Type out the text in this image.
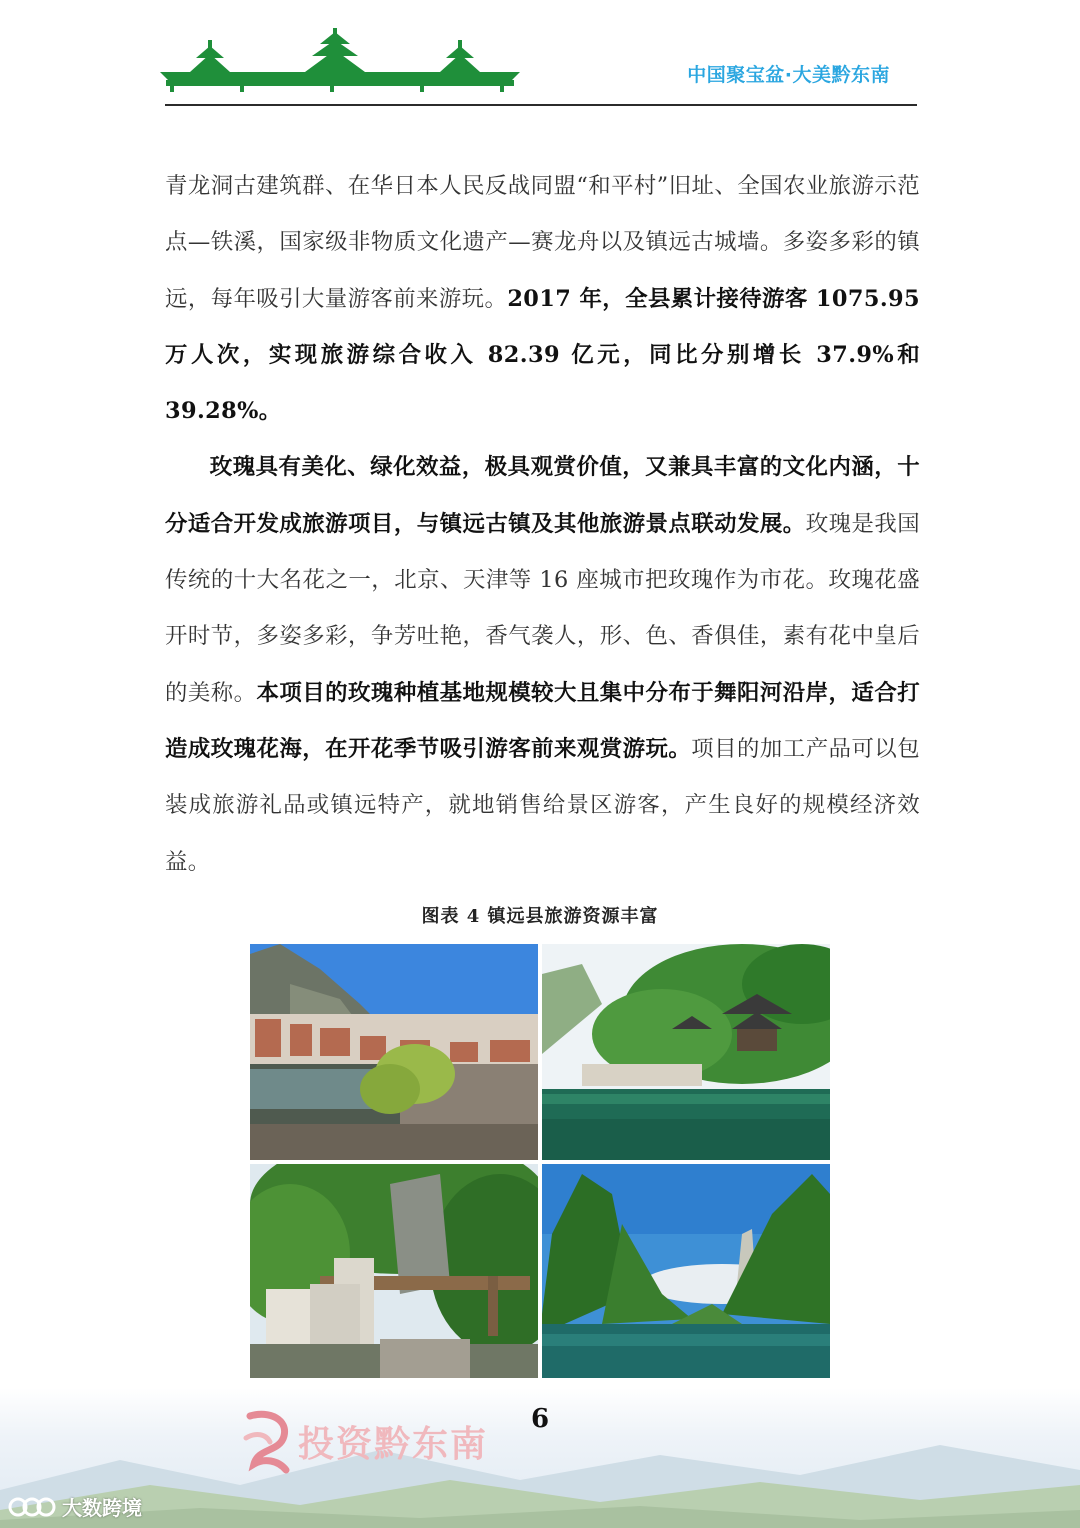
中国聚宝盆·大美黔东南

青龙洞古建筑群、在华日本人民反战同盟“和平村”旧址、全国农业旅游示范点—铁溪，国家级非物质文化遗产—赛龙舟以及镇远古城墙。多姿多彩的镇远，每年吸引大量游客前来游玩。2017 年，全县累计接待游客 1075.95 万人次，实现旅游综合收入 82.39 亿元，同比分别增长 37.9%和 39.28%。

玫瑰具有美化、绿化效益，极具观赏价值，又兼具丰富的文化内涵，十分适合开发成旅游项目，与镇远古镇及其他旅游景点联动发展。玫瑰是我国传统的十大名花之一，北京、天津等 16 座城市把玫瑰作为市花。玫瑰花盛开时节，多姿多彩，争芳吐艳，香气袭人，形、色、香俱佳，素有花中皇后的美称。本项目的玫瑰种植基地规模较大且集中分布于舞阳河沿岸，适合打造成玫瑰花海，在开花季节吸引游客前来观赏游玩。项目的加工产品可以包装成旅游礼品或镇远特产，就地销售给景区游客，产生良好的规模经济效益。

图表 4 镇远县旅游资源丰富
6
投资黔东南
大数跨境
